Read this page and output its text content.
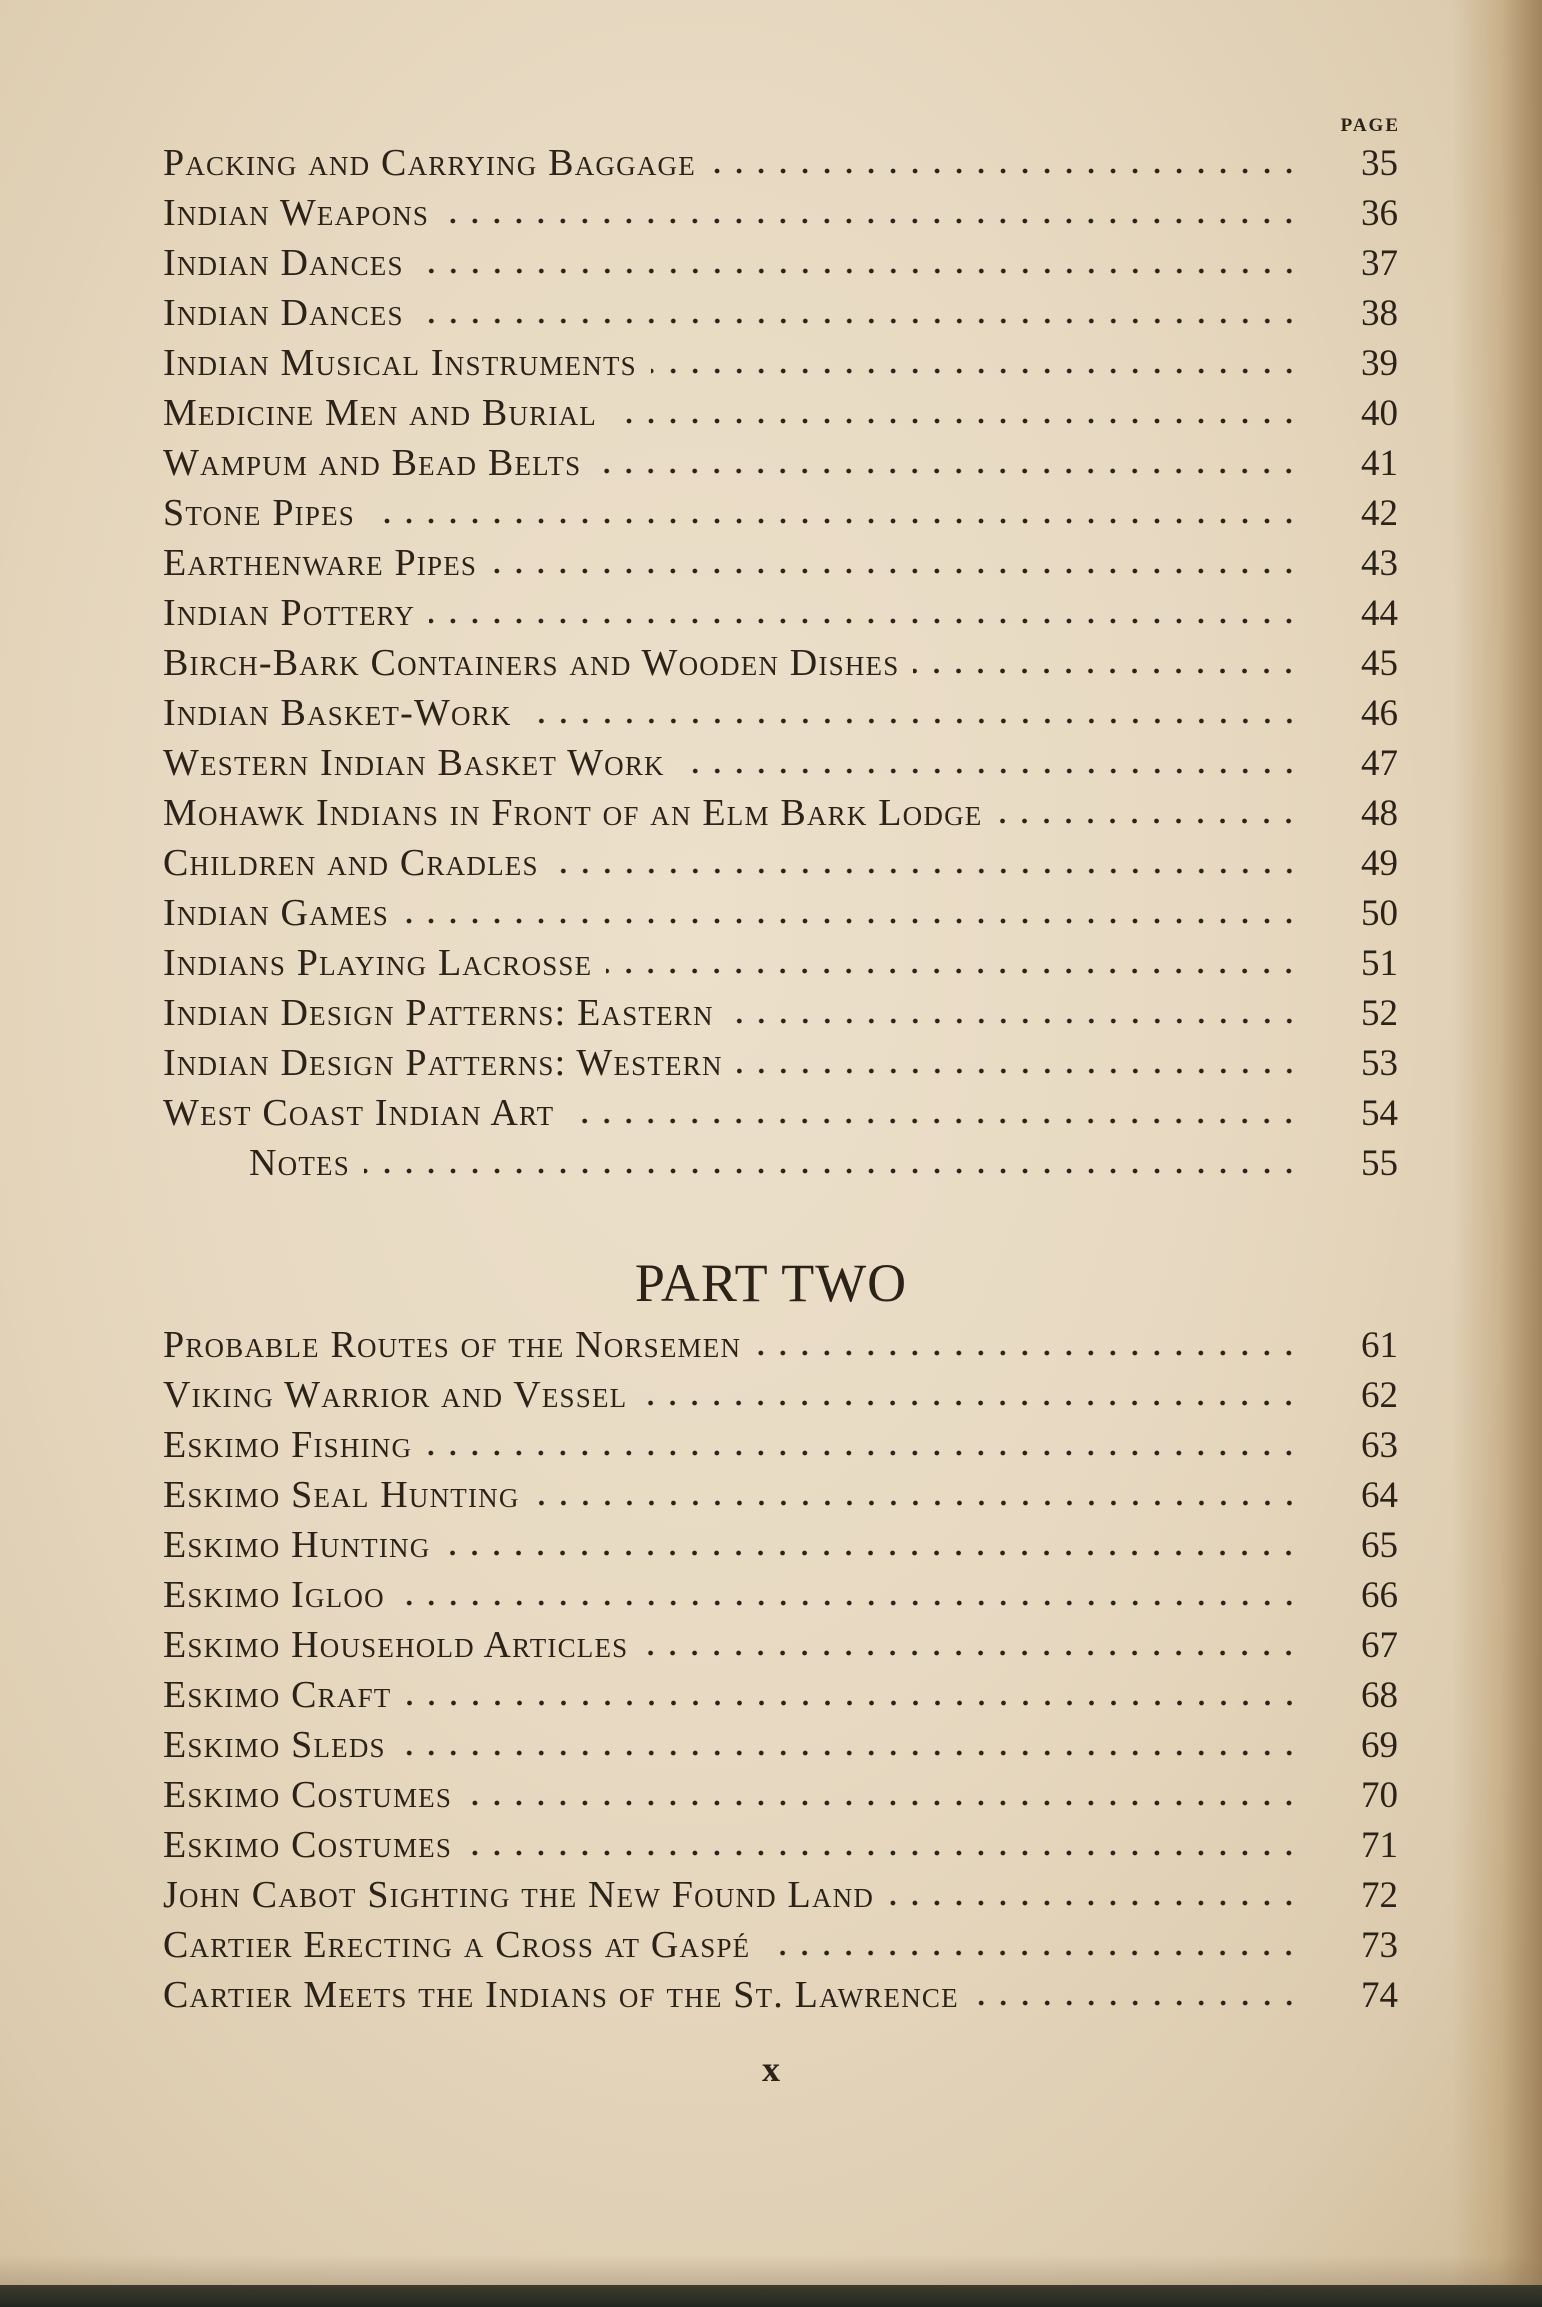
PAGE
Packing and Carrying Baggage	35
Indian Weapons	36
Indian Dances	37
Indian Dances	38
Indian Musical Instruments	39
Medicine Men and Burial	40
Wampum and Bead Belts	41
Stone Pipes	42
Earthenware Pipes	43
Indian Pottery	44
Birch-Bark Containers and Wooden Dishes	45
Indian Basket-Work	46
Western Indian Basket Work	47
Mohawk Indians in Front of an Elm Bark Lodge	48
Children and Cradles	49
Indian Games	50
Indians Playing Lacrosse	51
Indian Design Patterns: Eastern	52
Indian Design Patterns: Western	53
West Coast Indian Art	54
Notes	55
PART TWO
Probable Routes of the Norsemen	61
Viking Warrior and Vessel	62
Eskimo Fishing	63
Eskimo Seal Hunting	64
Eskimo Hunting	65
Eskimo Igloo	66
Eskimo Household Articles	67
Eskimo Craft	68
Eskimo Sleds	69
Eskimo Costumes	70
Eskimo Costumes	71
John Cabot Sighting the New Found Land	72
Cartier Erecting a Cross at Gaspé	73
Cartier Meets the Indians of the St. Lawrence	74
x
